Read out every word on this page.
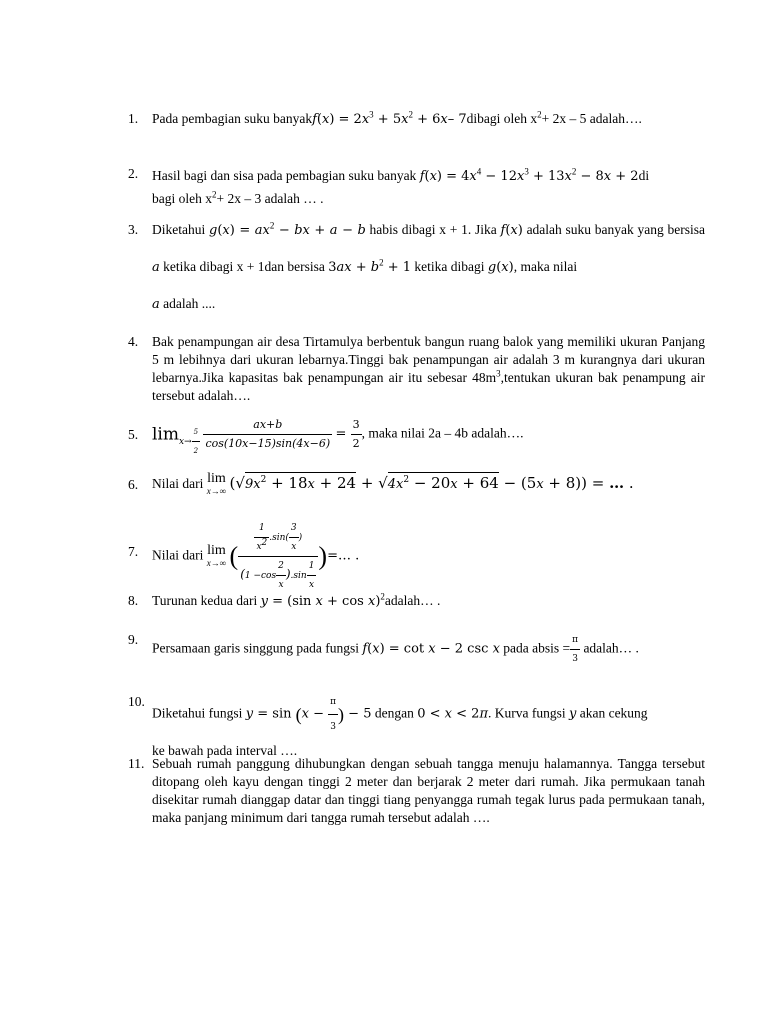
1. Pada pembagian suku banyakf(x) = $2x^3 + 5x^2 + 6x-$ 7dibagi oleh $x^2+ 2x - 5$ adalah….
2. Hasil bagi dan sisa pada pembagian suku banyak $f(x) = 4x^4 - 12x^3 + 13x^2 - 8x + 2di$
bagi oleh $x^2+ 2x - 3$ adalah … .
3. Diketahui $g(x) = ax^2$ − bx + a − b habis dibagi x + 1. Jika f(x) adalah suku banyak yang bersisa a ketika dibagi x + 1dan bersisa $3ax + b^2 + 1$ ketika dibagi g(x), maka nilai
a adalah ....
4. Bak penampungan air desa Tirtamulya berbentuk bangun ruang balok yang memiliki ukuran Panjang 5 m lebihnya dari ukuran lebarnya.Tinggi bak penampungan air adalah 3 m kurangnya dari ukuran lebarnya.Jika kapasitas bak penampungan air itu sebesar $48m^3,tentukan$ ukuran bak penampung air tersebut adalah….
5. $\lim_{x\to \frac{5}{2}}$
$\frac{ax+b}{\cos(10x-15)\sin(4x-6)} = \frac{3}{2}$ , maka nilai 2a – 4b adalah….
6. Nilai dari lim
x→∞ $(√9x^2 + 18x + 24 + √4x^2 - 20x + 64 - (5x + 8))$ = … .
7. Nilai dari lim
x→∞ ( $\frac{\frac{1}{x^2} .\sin( \frac{3}{x} )}{(1 -\cos \frac{2}{x} ).\sin \frac{1}{x}}$ )=… .
8. Turunan kedua dari y = (sin x + cos x)$^2$adalah… .
9.
Persamaan garis singgung pada fungsi f(x) = cot x − 2 csc x pada absis = $\frac{\pi}{3}$ adalah… .
10.
Diketahui fungsi $y = \sin (x - \frac{\pi}{3}$ ) − 5 dengan 0 < x < 2π. Kurva fungsi y akan cekung
ke bawah pada interval ….
11. Sebuah rumah panggung dihubungkan dengan sebuah tangga menuju halamannya. Tangga tersebut ditopang oleh kayu dengan tinggi 2 meter dan berjarak 2 meter dari rumah. Jika permukaan tanah disekitar rumah dianggap datar dan tinggi tiang penyangga rumah tegak lurus pada permukaan tanah, maka panjang minimum dari tangga rumah tersebut adalah ….
